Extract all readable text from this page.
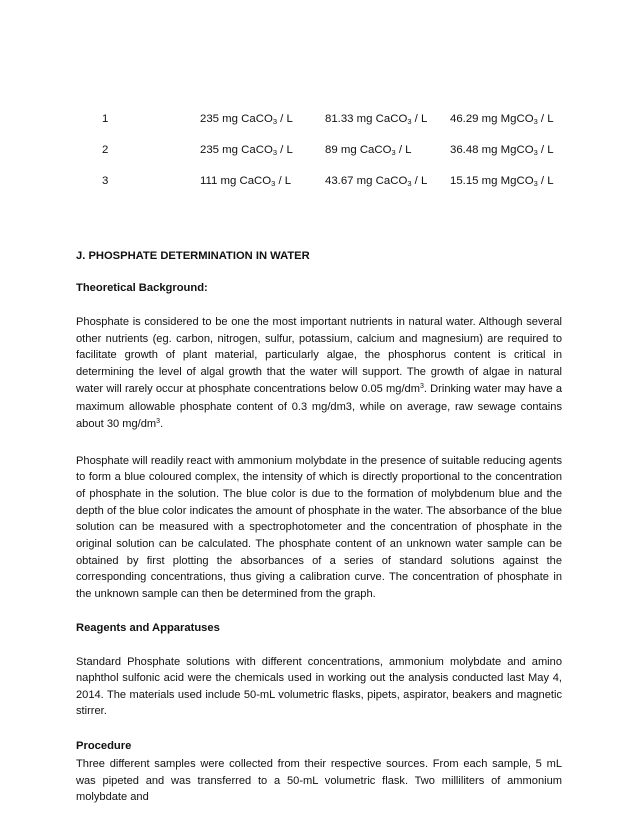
1	235 mg CaCO$_3$ / L	81.33 mg CaCO$_3$ / L 46.29 mg MgCO$_3$ / L
2	235 mg CaCO$_3$ / L	89 mg CaCO$_3$ / L	36.48 mg MgCO$_3$ / L
3	111 mg CaCO$_3$ / L	43.67 mg CaCO$_3$ / L 15.15 mg MgCO$_3$ / L

J. PHOSPHATE DETERMINATION IN WATER

Theoretical Background:

Phosphate is considered to be one the most important nutrients in natural water. Although several other nutrients (eg. carbon, nitrogen, sulfur, potassium, calcium and magnesium) are required to facilitate growth of plant material, particularly algae, the phosphorus content is critical in determining the level of algal growth that the water will support. The growth of algae in natural water will rarely occur at phosphate concentrations below 0.05 $mg/dm^3$. Drinking water may have a maximum allowable phosphate content of 0.3 mg/dm3, while on average, raw sewage contains about 30 $mg/dm^3$.

Phosphate will readily react with ammonium molybdate in the presence of suitable reducing agents to form a blue coloured complex, the intensity of which is directly proportional to the concentration of phosphate in the solution. The blue color is due to the formation of molybdenum blue and the depth of the blue color indicates the amount of phosphate in the water. The absorbance of the blue solution can be measured with a spectrophotometer and the concentration of phosphate in the original solution can be calculated. The phosphate content of an unknown water sample can be obtained by first plotting the absorbances of a series of standard solutions against the corresponding concentrations, thus giving a calibration curve. The concentration of phosphate in the unknown sample can then be determined from the graph.

Reagents and Apparatuses

Standard Phosphate solutions with different concentrations, ammonium molybdate and amino naphthol sulfonic acid were the chemicals used in working out the analysis conducted last May 4, 2014. The materials used include 50-mL volumetric flasks, pipets, aspirator, beakers and magnetic stirrer.

Procedure

Three different samples were collected from their respective sources. From each sample, 5 mL was pipeted and was transferred to a 50-mL volumetric flask. Two milliliters of ammonium molybdate and
